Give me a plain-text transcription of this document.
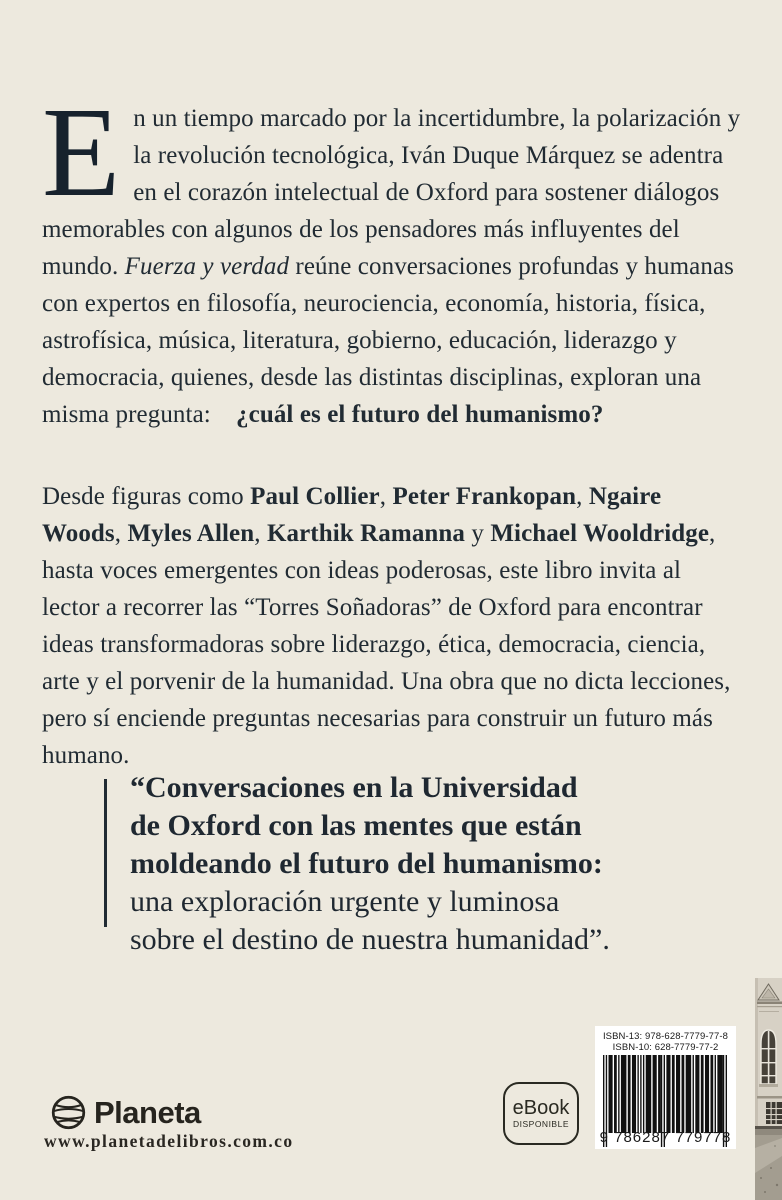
En un tiempo marcado por la incertidumbre, la polarización y la revolución tecnológica, Iván Duque Márquez se adentra en el corazón intelectual de Oxford para sostener diálogos memorables con algunos de los pensadores más influyentes del mundo. Fuerza y verdad reúne conversaciones profundas y humanas con expertos en filosofía, neurociencia, economía, historia, física, astrofísica, música, literatura, gobierno, educación, liderazgo y democracia, quienes, desde las distintas disciplinas, exploran una misma pregunta:  ¿cuál es el futuro del humanismo?
Desde figuras como Paul Collier, Peter Frankopan, Ngaire Woods, Myles Allen, Karthik Ramanna y Michael Wooldridge, hasta voces emergentes con ideas poderosas, este libro invita al lector a recorrer las “Torres Soñadoras” de Oxford para encontrar ideas transformadoras sobre liderazgo, ética, democracia, ciencia, arte y el porvenir de la humanidad. Una obra que no dicta lecciones, pero sí enciende preguntas necesarias para construir un futuro más humano.
“Conversaciones en la Universidad
de Oxford con las mentes que están
moldeando el futuro del humanismo:
una exploración urgente y luminosa
sobre el destino de nuestra humanidad”.
Planeta
www.planetadelibros.com.co
eBook
DISPONIBLE
ISBN-13: 978-628-7779-77-8
ISBN-10: 628-7779-77-2
9 786287 779778
